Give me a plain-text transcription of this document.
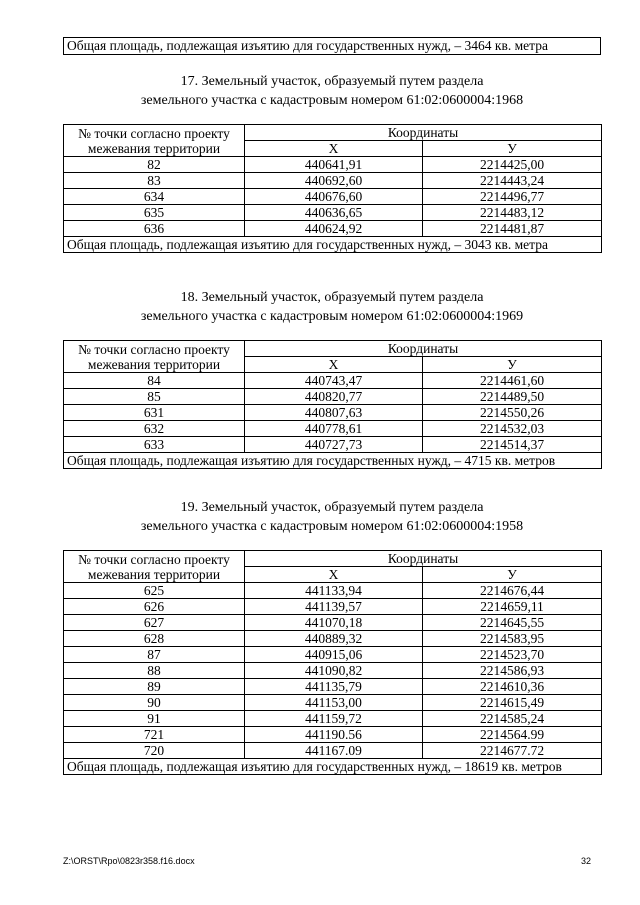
Общая площадь, подлежащая изъятию для государственных нужд, – 3464 кв. метра
17. Земельный участок, образуемый путем раздела
земельного участка с кадастровым номером 61:02:0600004:1968
№ точки согласно проекту
межевания территории	Координаты	
	X	У
82	440641,91	2214425,00
83	440692,60	2214443,24
634	440676,60	2214496,77
635	440636,65	2214483,12
636	440624,92	2214481,87
Общая площадь, подлежащая изъятию для государственных нужд, – 3043 кв. метра		
18. Земельный участок, образуемый путем раздела
земельного участка с кадастровым номером 61:02:0600004:1969
№ точки согласно проекту
межевания территории	Координаты	
	X	У
84	440743,47	2214461,60
85	440820,77	2214489,50
631	440807,63	2214550,26
632	440778,61	2214532,03
633	440727,73	2214514,37
Общая площадь, подлежащая изъятию для государственных нужд, – 4715 кв. метров		
19. Земельный участок, образуемый путем раздела
земельного участка с кадастровым номером 61:02:0600004:1958
№ точки согласно проекту
межевания территории	Координаты	
	X	У
625	441133,94	2214676,44
626	441139,57	2214659,11
627	441070,18	2214645,55
628	440889,32	2214583,95
87	440915,06	2214523,70
88	441090,82	2214586,93
89	441135,79	2214610,36
90	441153,00	2214615,49
91	441159,72	2214585,24
721	441190.56	2214564.99
720	441167.09	2214677.72
Общая площадь, подлежащая изъятию для государственных нужд, – 18619 кв. метров		
Z:\ORST\Rpo\0823r358.f16.docx	32
